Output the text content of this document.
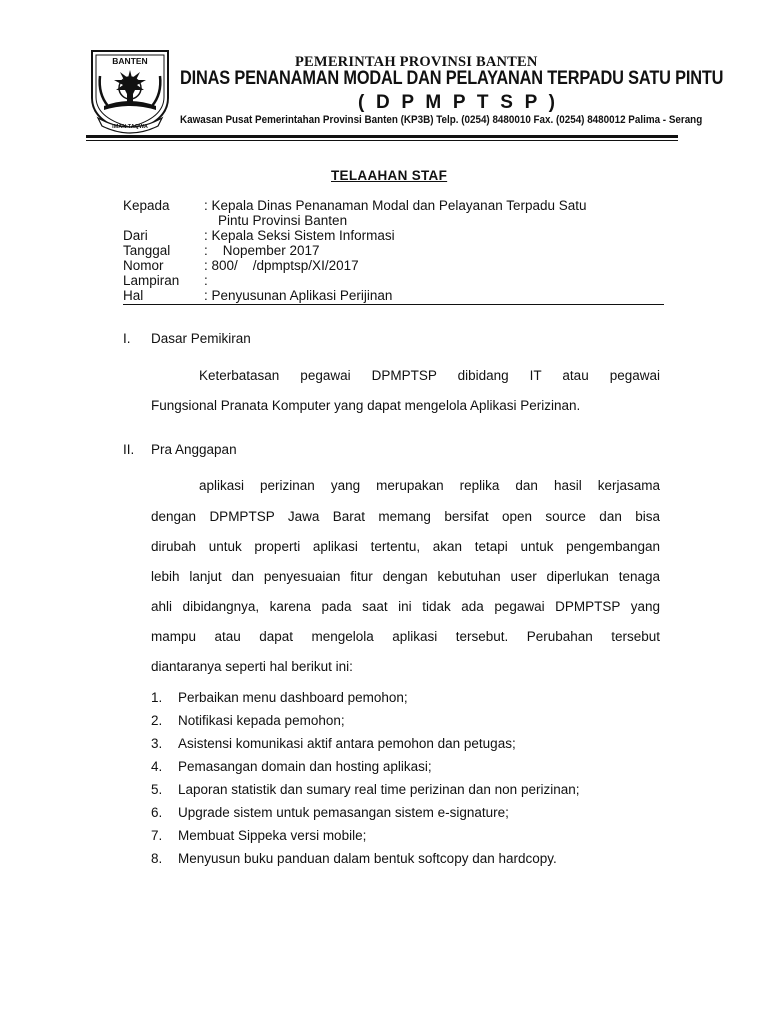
BANTEN
IMAN TAQWA
PEMERINTAH PROVINSI BANTEN
DINAS PENANAMAN MODAL DAN PELAYANAN TERPADU SATU PINTU
( D P M P T S P )
Kawasan Pusat Pemerintahan Provinsi Banten (KP3B) Telp. (0254) 8480010 Fax. (0254) 8480012 Palima - Serang
TELAAHAN STAF
Kepada	: Kepala Dinas Penanaman Modal dan Pelayanan Terpadu Satu
Pintu Provinsi Banten
Dari	: Kepala Seksi Sistem Informasi
Tanggal :    Nopember 2017
Nomor	: 800/    /dpmptsp/XI/2017
Lampiran :
Hal	: Penyusunan Aplikasi Perijinan
I. Dasar Pemikiran
Keterbatasan pegawai DPMPTSP dibidang IT atau pegawai
Fungsional Pranata Komputer yang dapat mengelola Aplikasi Perizinan.
II. Pra Anggapan
aplikasi perizinan yang merupakan replika dan hasil kerjasama
dengan DPMPTSP Jawa Barat memang bersifat open source dan bisa
dirubah untuk properti aplikasi tertentu, akan tetapi untuk pengembangan
lebih lanjut dan penyesuaian fitur dengan kebutuhan user diperlukan tenaga
ahli dibidangnya, karena pada saat ini tidak ada pegawai DPMPTSP yang
mampu atau dapat mengelola aplikasi tersebut. Perubahan tersebut
diantaranya seperti hal berikut ini:
1. Perbaikan menu dashboard pemohon;
2. Notifikasi kepada pemohon;
3. Asistensi komunikasi aktif antara pemohon dan petugas;
4. Pemasangan domain dan hosting aplikasi;
5. Laporan statistik dan sumary real time perizinan dan non perizinan;
6. Upgrade sistem untuk pemasangan sistem e-signature;
7. Membuat Sippeka versi mobile;
8. Menyusun buku panduan dalam bentuk softcopy dan hardcopy.
